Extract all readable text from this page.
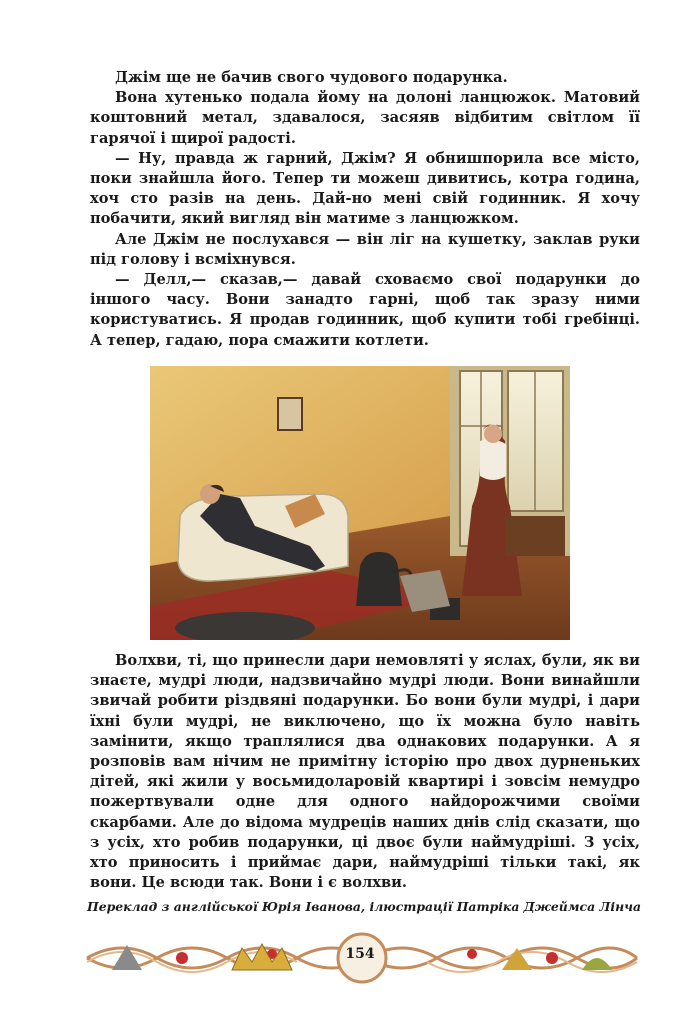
Джім ще не бачив свого чудового подарунка.

Вона хутенько подала йому на долоні ланцюжок. Матовий коштовний метал, здавалося, засяяв відбитим світлом її гарячої і щирої радості.

— Ну, правда ж гарний, Джім? Я обнишпорила все місто, поки знайшла його. Тепер ти можеш дивитись, котра година, хоч сто разів на день. Дай-но мені свій годинник. Я хочу побачити, який вигляд він матиме з ланцюжком.

Але Джім не послухався — він ліг на кушетку, заклав руки під голову і всміхнувся.

— Делл,— сказав,— давай сховаємо свої подарунки до іншого часу. Вони занадто гарні, щоб так зразу ними користуватись. Я продав годинник, щоб купити тобі гребінці. А тепер, гадаю, пора смажити котлети.

Волхви, ті, що принесли дари немовляті у яслах, були, як ви знаєте, мудрі люди, надзвичайно мудрі люди. Вони винайшли звичай робити різдвяні подарунки. Бо вони були мудрі, і дари їхні були мудрі, не виключено, що їх можна було навіть замінити, якщо траплялися два однакових подарунки. А я розповів вам нічим не примітну історію про двох дурненьких дітей, які жили у восьмидоларовій квартирі і зовсім немудро пожертвували одне для одного найдорожчими своїми скарбами. Але до відома мудреців наших днів слід сказати, що з усіх, хто робив подарунки, ці двоє були наймудріші. З усіх, хто приносить і приймає дари, наймудріші тільки такі, як вони. Це всюди так. Вони і є волхви.

Переклад з англійської Юрія Іванова, ілюстрації Патріка Джеймса Лінча
154
